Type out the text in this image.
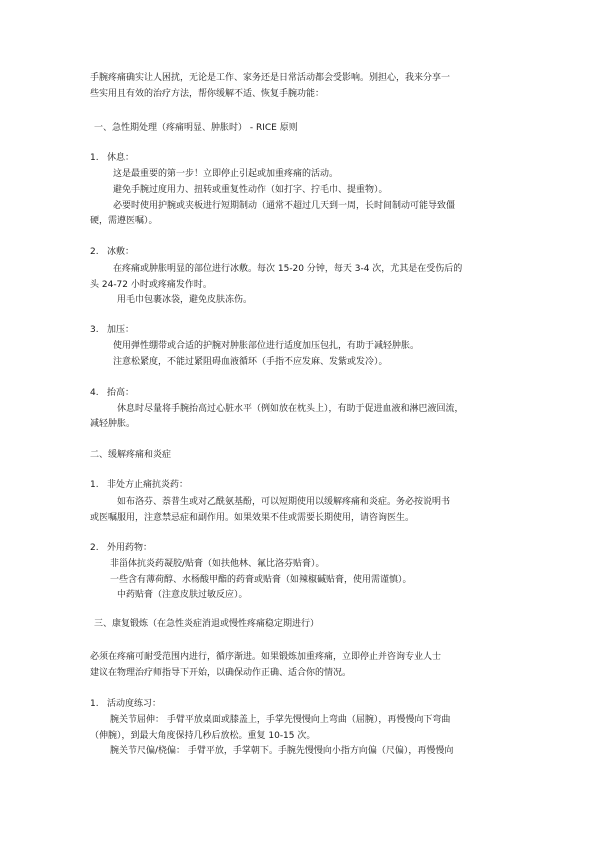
手腕疼痛确实让人困扰，无论是工作、家务还是日常活动都会受影响。别担心，我来分享一
些实用且有效的治疗方法，帮你缓解不适、恢复手腕功能：
一、急性期处理（疼痛明显、肿胀时） - RICE 原则
1. 休息：
这是最重要的第一步！立即停止引起或加重疼痛的活动。
避免手腕过度用力、扭转或重复性动作（如打字、拧毛巾、提重物）。
必要时使用护腕或夹板进行短期制动（通常不超过几天到一周，长时间制动可能导致僵
硬，需遵医嘱）。
2. 冰敷：
在疼痛或肿胀明显的部位进行冰敷。每次 15-20 分钟，每天 3-4 次，尤其是在受伤后的
头 24-72 小时或疼痛发作时。
用毛巾包裹冰袋，避免皮肤冻伤。
3. 加压：
使用弹性绷带或合适的护腕对肿胀部位进行适度加压包扎，有助于减轻肿胀。
注意松紧度，不能过紧阻碍血液循环（手指不应发麻、发紫或发冷）。
4. 抬高：
休息时尽量将手腕抬高过心脏水平（例如放在枕头上），有助于促进血液和淋巴液回流，
减轻肿胀。
二、缓解疼痛和炎症
1. 非处方止痛抗炎药：
如布洛芬、萘普生或对乙酰氨基酚，可以短期使用以缓解疼痛和炎症。务必按说明书
或医嘱服用，注意禁忌症和副作用。如果效果不佳或需要长期使用，请咨询医生。
2. 外用药物：
非甾体抗炎药凝胶/贴膏（如扶他林、氟比洛芬贴膏）。
一些含有薄荷醇、水杨酸甲酯的药膏或贴膏（如辣椒碱贴膏，使用需谨慎）。
中药贴膏（注意皮肤过敏反应）。
三、康复锻炼（在急性炎症消退或慢性疼痛稳定期进行）
必须在疼痛可耐受范围内进行，循序渐进。如果锻炼加重疼痛，立即停止并咨询专业人士
建议在物理治疗师指导下开始，以确保动作正确、适合你的情况。
1. 活动度练习：
腕关节屈伸： 手臂平放桌面或膝盖上，手掌先慢慢向上弯曲（屈腕），再慢慢向下弯曲
（伸腕），到最大角度保持几秒后放松。重复 10-15 次。
腕关节尺偏/桡偏： 手臂平放，手掌朝下。手腕先慢慢向小指方向偏（尺偏），再慢慢向
